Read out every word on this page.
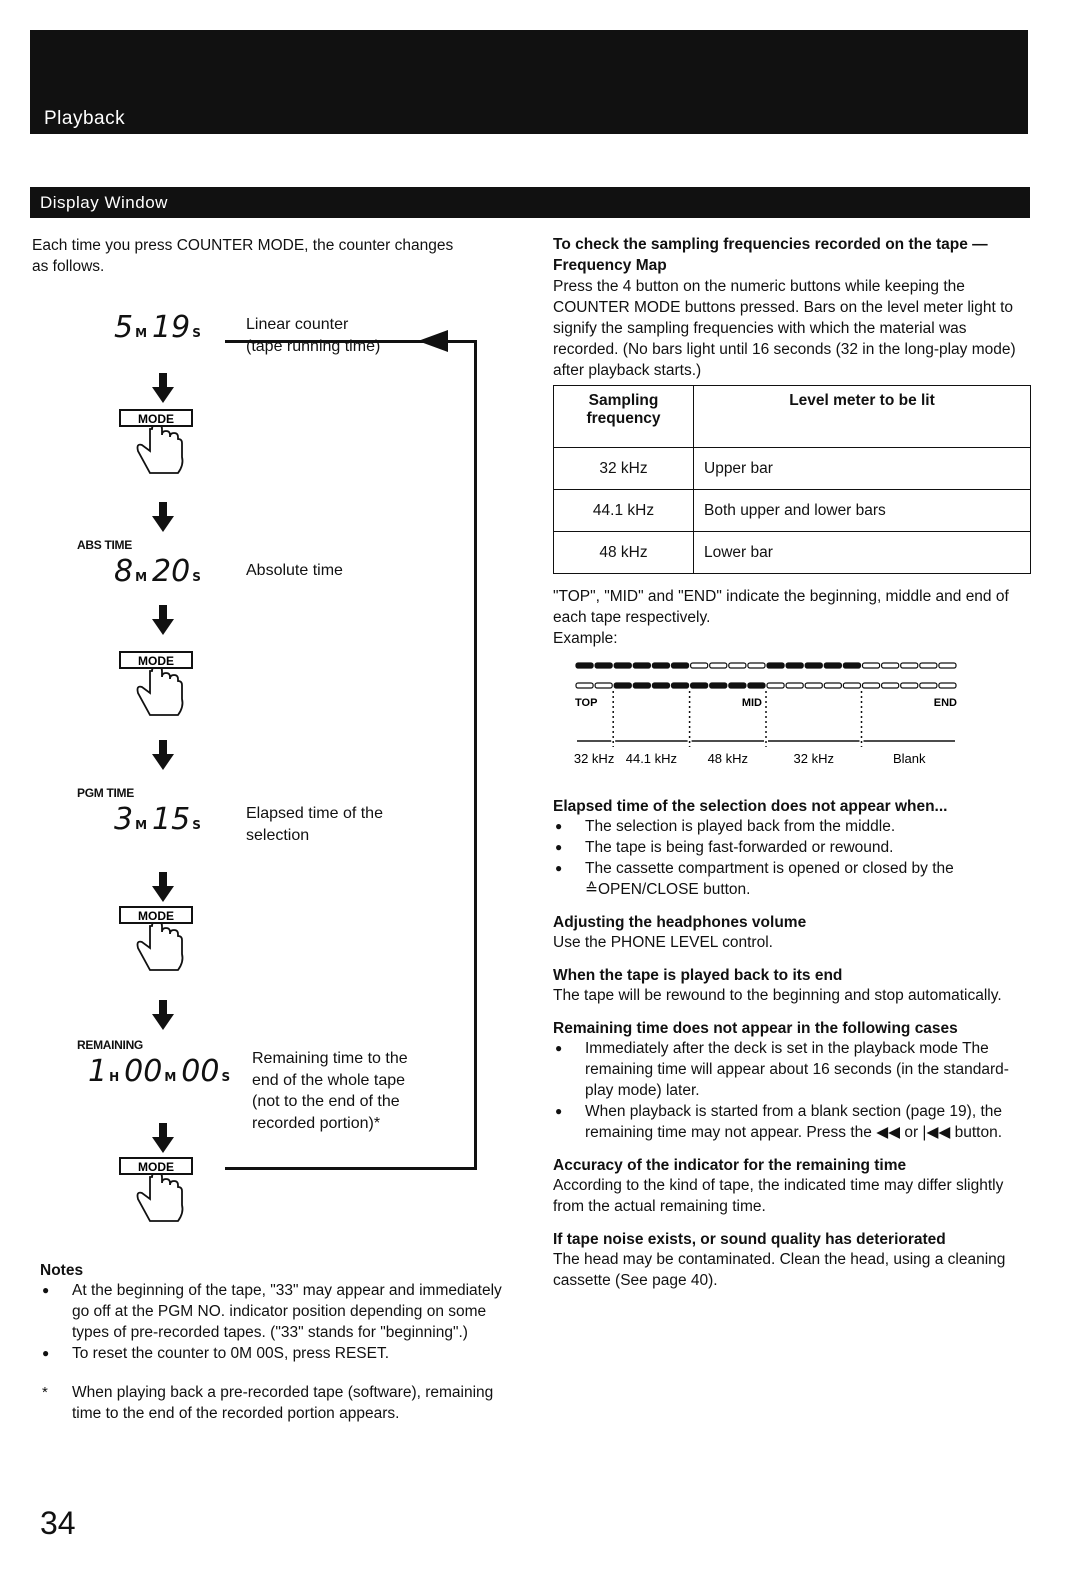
Playback
Display Window
Each time you press COUNTER MODE, the counter changes as follows.
5 M 19 S	Linear counter
(tape running time)
ABS TIME
8 M 20 S	Absolute time
PGM TIME
3 M 15 S
Elapsed time of the
selection
REMAINING
1 H 00 M 00 S
Remaining time to the
end of the whole tape
(not to the end of the
recorded portion)*
MODE
MODE
MODE
MODE
Notes
● At the beginning of the tape, "33" may appear and immediately go off at the PGM NO. indicator position depending on some types of pre-recorded tapes. ("33" stands for "beginning".)
● To reset the counter to 0M 00S, press RESET.
* When playing back a pre-recorded tape (software), remaining time to the end of the recorded portion appears.
To check the sampling frequencies recorded on the tape — Frequency Map
Press the 4 button on the numeric buttons while keeping the COUNTER MODE buttons pressed. Bars on the level meter light to signify the sampling frequencies with which the material was recorded. (No bars light until 16 seconds (32 in the long-play mode) after playback starts.)
Sampling frequency	Level meter to be lit
32 kHz	Upper bar
44.1 kHz	Both upper and lower bars
48 kHz	Lower bar
"TOP", "MID" and "END" indicate the beginning, middle and end of each tape respectively.
Example:
TOP	MID	END
32 kHz 44.1 kHz 48 kHz	32 kHz	Blank
Elapsed time of the selection does not appear when...
● The selection is played back from the middle.
● The tape is being fast-forwarded or rewound.
● The cassette compartment is opened or closed by the ≙OPEN/CLOSE button.
Adjusting the headphones volume
Use the PHONE LEVEL control.
When the tape is played back to its end
The tape will be rewound to the beginning and stop automatically.
Remaining time does not appear in the following cases
● Immediately after the deck is set in the playback mode The remaining time will appear about 16 seconds (in the standard-play mode) later.
● When playback is started from a blank section (page 19), the remaining time may not appear. Press the ◀◀ or |◀◀ button.
Accuracy of the indicator for the remaining time
According to the kind of tape, the indicated time may differ slightly from the actual remaining time.
If tape noise exists, or sound quality has deteriorated
The head may be contaminated. Clean the head, using a cleaning cassette (See page 40).
34
